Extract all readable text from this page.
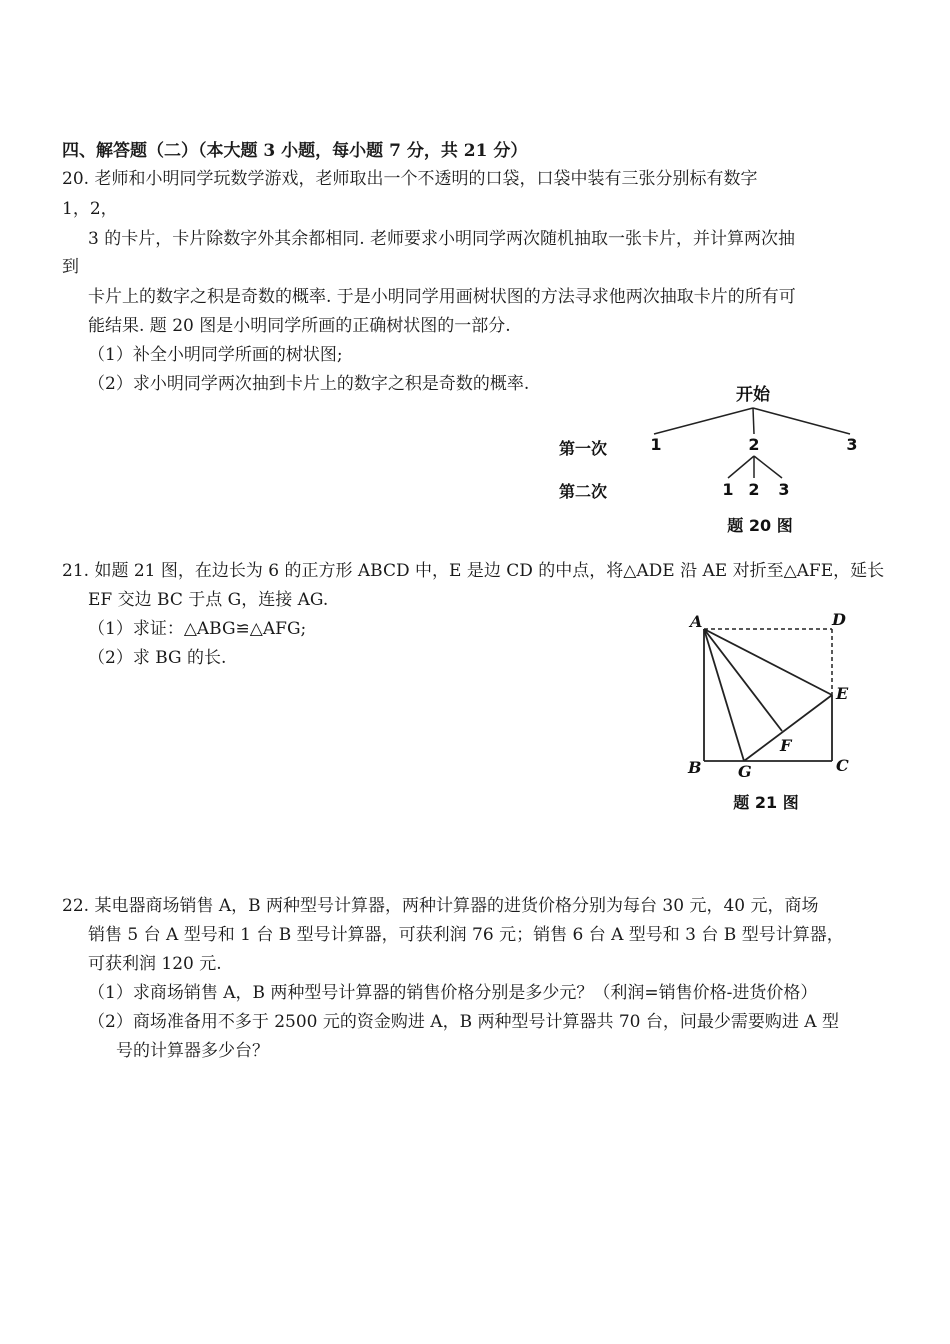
四、解答题（二）（本大题 3 小题，每小题 7 分，共 21 分）
20. 老师和小明同学玩数学游戏，老师取出一个不透明的口袋，口袋中装有三张分别标有数字
1，2，
3 的卡片，卡片除数字外其余都相同. 老师要求小明同学两次随机抽取一张卡片，并计算两次抽
到
卡片上的数字之积是奇数的概率. 于是小明同学用画树状图的方法寻求他两次抽取卡片的所有可
能结果. 题 20 图是小明同学所画的正确树状图的一部分.
（1）补全小明同学所画的树状图;
（2）求小明同学两次抽到卡片上的数字之积是奇数的概率.
开始
第一次	1	2	3
第二次	1 2 3
题 20 图
21. 如题 21 图，在边长为 6 的正方形 ABCD 中，E 是边 CD 的中点，将△ADE 沿 AE 对折至△AFE，延长
EF 交边 BC 于点 G，连接 AG.
（1）求证：△ABG≌△AFG;
（2）求 BG 的长.
A	D
E
F
B G	C
题 21 图
22. 某电器商场销售 A，B 两种型号计算器，两种计算器的进货价格分别为每台 30 元，40 元，商场
销售 5 台 A 型号和 1 台 B 型号计算器，可获利润 76 元；销售 6 台 A 型号和 3 台 B 型号计算器，
可获利润 120 元.
（1）求商场销售 A，B 两种型号计算器的销售价格分别是多少元？（利润=销售价格-进货价格）
（2）商场准备用不多于 2500 元的资金购进 A，B 两种型号计算器共 70 台，问最少需要购进 A 型
号的计算器多少台？
